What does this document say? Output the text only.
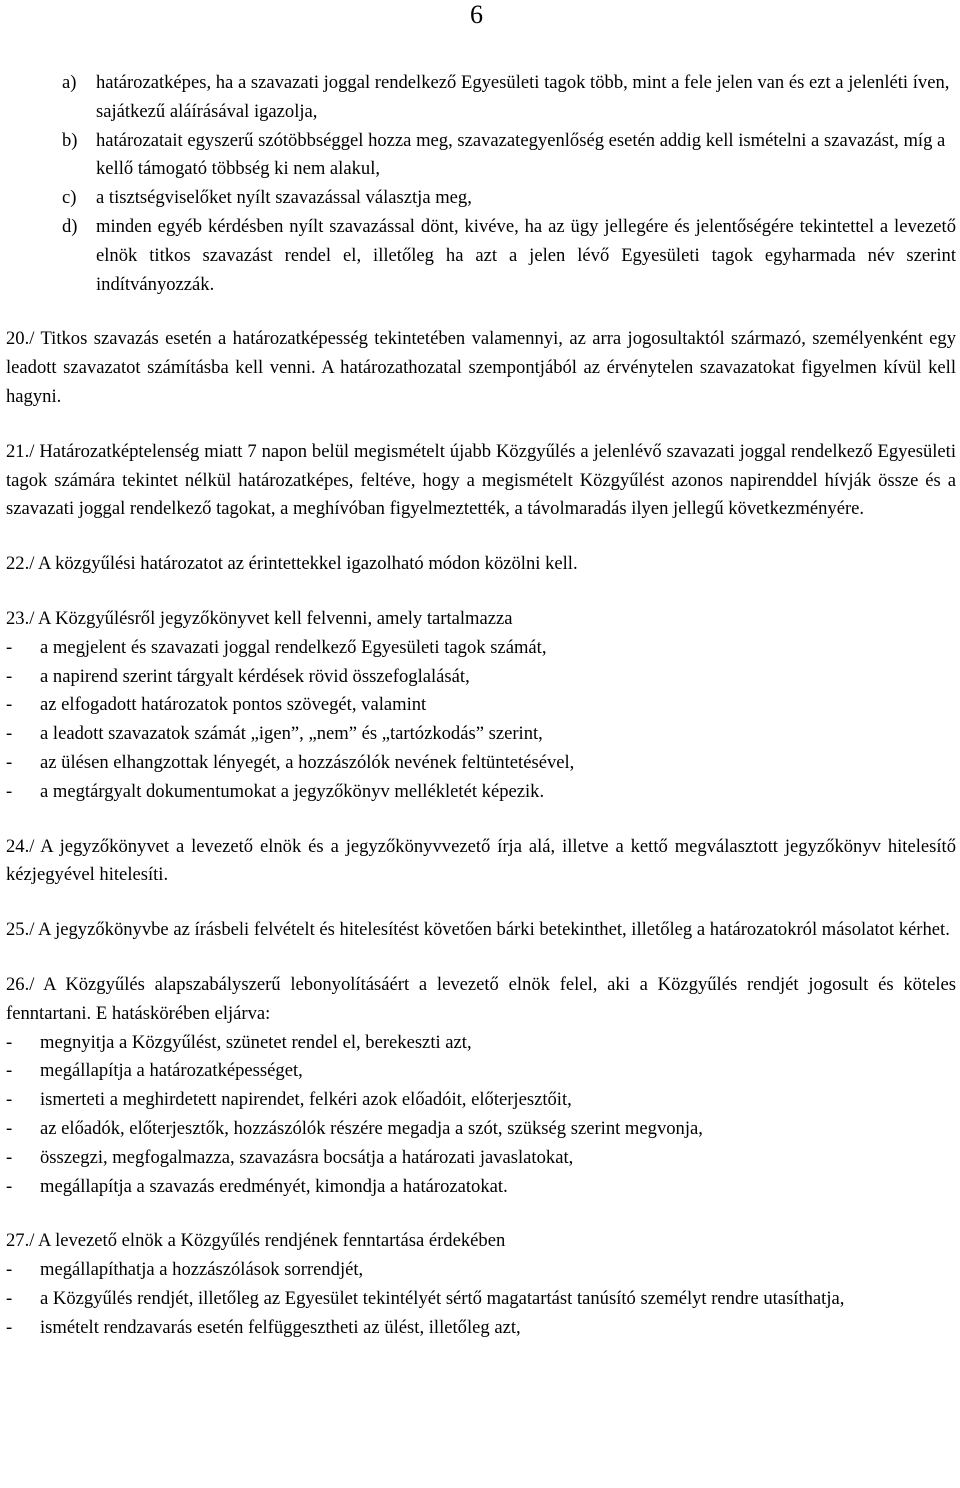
6
a)	határozatképes, ha a szavazati joggal rendelkező Egyesületi tagok több, mint a fele jelen van és ezt a jelenléti íven, sajátkezű aláírásával igazolja,
b) határozatait egyszerű szótöbbséggel hozza meg, szavazategyenlőség esetén addig kell ismételni a szavazást, míg a kellő támogató többség ki nem alakul,
c)	a tisztségviselőket nyílt szavazással választja meg,
d) minden egyéb kérdésben nyílt szavazással dönt, kivéve, ha az ügy jellegére és jelentőségére tekintettel a levezető elnök titkos szavazást rendel el, illetőleg ha azt a jelen lévő Egyesületi tagok egyharmada név szerint indítványozzák.

20./ Titkos szavazás esetén a határozatképesség tekintetében valamennyi, az arra jogosultaktól származó, személyenként egy leadott szavazatot számításba kell venni. A határozathozatal szempontjából az érvénytelen szavazatokat figyelmen kívül kell hagyni.

21./ Határozatképtelenség miatt 7 napon belül megismételt újabb Közgyűlés a jelenlévő szavazati joggal rendelkező Egyesületi tagok számára tekintet nélkül határozatképes, feltéve, hogy a megismételt Közgyűlést azonos napirenddel hívják össze és a szavazati joggal rendelkező tagokat, a meghívóban figyelmeztették, a távolmaradás ilyen jellegű következményére.

22./ A közgyűlési határozatot az érintettekkel igazolható módon közölni kell.

23./ A Közgyűlésről jegyzőkönyvet kell felvenni, amely tartalmazza

-	a megjelent és szavazati joggal rendelkező Egyesületi tagok számát,
-	a napirend szerint tárgyalt kérdések rövid összefoglalását,
-	az elfogadott határozatok pontos szövegét, valamint
-	a leadott szavazatok számát „igen”, „nem” és „tartózkodás” szerint,
-	az ülésen elhangzottak lényegét, a hozzászólók nevének feltüntetésével,
-	a megtárgyalt dokumentumokat a jegyzőkönyv mellékletét képezik.

24./ A jegyzőkönyvet a levezető elnök és a jegyzőkönyvvezető írja alá, illetve a kettő megválasztott jegyzőkönyv hitelesítő kézjegyével hitelesíti.

25./ A jegyzőkönyvbe az írásbeli felvételt és hitelesítést követően bárki betekinthet, illetőleg a határozatokról másolatot kérhet.

26./ A Közgyűlés alapszabályszerű lebonyolításáért a levezető elnök felel, aki a Közgyűlés rendjét jogosult és köteles fenntartani. E hatáskörében eljárva:

-	megnyitja a Közgyűlést, szünetet rendel el, berekeszti azt,
-	megállapítja a határozatképességet,
-	ismerteti a meghirdetett napirendet, felkéri azok előadóit, előterjesztőit,
-	az előadók, előterjesztők, hozzászólók részére megadja a szót, szükség szerint megvonja,
-	összegzi, megfogalmazza, szavazásra bocsátja a határozati javaslatokat,
-	megállapítja a szavazás eredményét, kimondja a határozatokat.

27./ A levezető elnök a Közgyűlés rendjének fenntartása érdekében

-	megállapíthatja a hozzászólások sorrendjét,
-	a Közgyűlés rendjét, illetőleg az Egyesület tekintélyét sértő magatartást tanúsító személyt rendre utasíthatja,
-	ismételt rendzavarás esetén felfüggesztheti az ülést, illetőleg azt,
